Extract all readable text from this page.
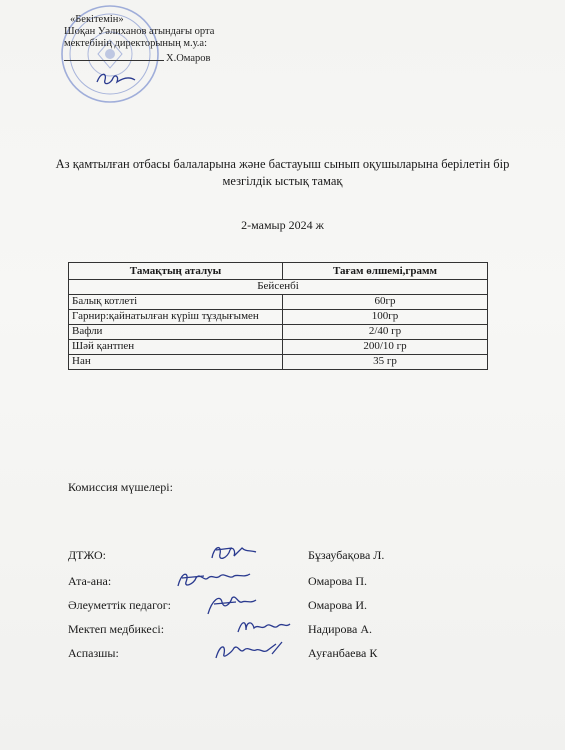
«Бекітемін»
Шоқан Уәлиханов атындағы орта
мектебінің директорының м.у.а:
Х.Омаров
Аз қамтылған отбасы балаларына және бастауыш сынып оқушыларына берілетін бір мезгілдік ыстық тамақ
2-мамыр 2024 ж
Тамақтың аталуы	Тағам өлшемі,грамм
Бейсенбі	
Балық котлеті	60гр
Гарнир:қайнатылған күріш тұздығымен	100гр
Вафли	2/40 гр
Шәй қантпен	200/10 гр
Нан	35 гр
Комиссия мүшелері:
ДТЖО:	Бұзаубақова Л.
Ата-ана:	Омарова П.
Әлеуметтік педагог:	Омарова И.
Мектеп медбикесі:	Надирова А.
Аспазшы:	Ауғанбаева К
